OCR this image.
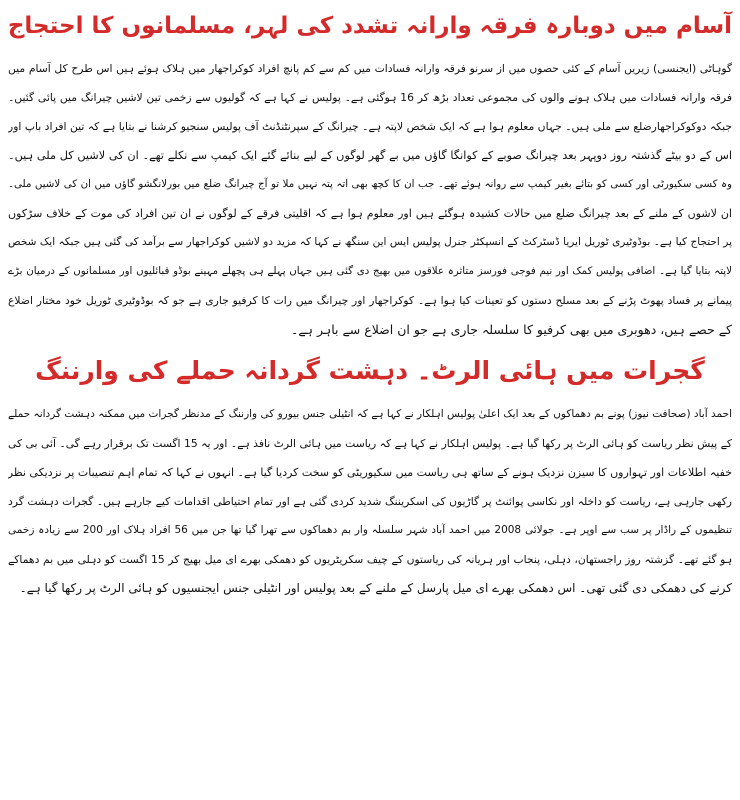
آسام میں دوبارہ فرقہ وارانہ تشدد کی لہر، مسلمانوں کا احتجاج
گوہاٹی (ایجنسی) زیریں آسام کے کئی حصوں میں از سرنو فرقہ وارانہ فسادات میں کم سے کم پانچ افراد کوکراجھار میں ہلاک ہوئے ہیں اس طرح کل آسام میں
فرقہ وارانہ فسادات میں ہلاک ہونے والوں کی مجموعی تعداد بڑھ کر 16 ہوگئی ہے۔ پولیس نے کہا ہے کہ گولیوں سے زخمی تین لاشیں چیرانگ میں پائی گئیں۔
جبکہ دوکوکراجھارضلع سے ملی ہیں۔ جہاں معلوم ہوا ہے کہ ایک شخص لاپتہ ہے۔ چیرانگ کے سپرنٹنڈنٹ آف پولیس سنجیو کرشنا نے بتایا ہے کہ تین افراد باپ اور
اس کے دو بیٹے گذشتہ روز دوپہر بعد چیرانگ صوبے کے کوانگا گاؤں میں بے گھر لوگوں کے لیے بنائے گئے ایک کیمپ سے نکلے تھے۔ ان کی لاشیں کل ملی ہیں۔
وہ کسی سکیورٹی اور کسی کو بتائے بغیر کیمپ سے روانہ ہوئے تھے۔ جب ان کا کچھ بھی اتہ پتہ نہیں ملا تو آج چیرانگ ضلع میں بورلانگشو گاؤں میں ان کی لاشیں ملی۔
ان لاشوں کے ملنے کے بعد چیرانگ ضلع میں حالات کشیدہ ہوگئے ہیں اور معلوم ہوا ہے کہ اقلیتی فرقے کے لوگوں نے ان تین افراد کی موت کے خلاف سڑکوں
پر احتجاج کیا ہے۔ بوڈوٹیری ٹوریل ایریا ڈسٹرکٹ کے انسپکٹر جنرل پولیس ایس این سنگھ نے کہا کہ مزید دو لاشیں کوکراجھار سے برآمد کی گئی ہیں جبکہ ایک شخص
لاپتہ بتایا گیا ہے۔ اضافی پولیس کمک اور نیم فوجی فورسز متاثرہ علاقوں میں بھیج دی گئی ہیں جہاں پہلے ہی پچھلے مہینے بوڈو قبائلیوں اور مسلمانوں کے درمیان بڑے
پیمانے پر فساد پھوٹ پڑنے کے بعد مسلح دستوں کو تعینات کیا ہوا ہے۔ کوکراجھار اور چیرانگ میں رات کا کرفیو جاری ہے جو کہ بوڈوٹیری ٹوریل خود مختار اضلاع
کے حصے ہیں، دھوبری میں بھی کرفیو کا سلسلہ جاری ہے جو ان اضلاع سے باہر ہے۔
گجرات میں ہائی الرٹ۔ دہشت گردانہ حملے کی وارننگ
احمد آباد (صحافت نیوز) پونے بم دھماکوں کے بعد ایک اعلیٰ پولیس اہلکار نے کہا ہے کہ انٹیلی جنس بیورو کی وارننگ کے مدنظر گجرات میں ممکنہ دہشت گردانہ حملے
کے پیش نظر ریاست کو ہائی الرٹ پر رکھا گیا ہے۔ پولیس اہلکار نے کہا ہے کہ ریاست میں ہائی الرٹ نافذ ہے۔ اور یہ 15 اگست تک برقرار رہے گی۔ آئی بی کی
خفیہ اطلاعات اور تہواروں کا سیزن نزدیک ہونے کے ساتھ ہی ریاست میں سکیوریٹی کو سخت کردیا گیا ہے۔ انہوں نے کہا کہ تمام اہم تنصیبات پر نزدیکی نظر
رکھی جارہی ہے، ریاست کو داخلہ اور نکاسی پوائنٹ پر گاڑیوں کی اسکریننگ شدید کردی گئی ہے اور تمام احتیاطی اقدامات کیے جارہے ہیں۔ گجرات دہشت گرد
تنظیموں کے راڈار پر سب سے اوپر ہے۔ جولائی 2008 میں احمد آباد شہر سلسلہ وار بم دھماکوں سے تھرا گیا تھا جن میں 56 افراد ہلاک اور 200 سے زیادہ زخمی
ہو گئے تھے۔ گزشتہ روز راجستھان، دہلی، پنجاب اور ہریانہ کی ریاستوں کے چیف سکریٹریوں کو دھمکی بھرے ای میل بھیج کر 15 اگست کو دہلی میں بم دھماکے
کرنے کی دھمکی دی گئی تھی۔ اس دھمکی بھرے ای میل پارسل کے ملنے کے بعد پولیس اور انٹیلی جنس ایجنسیوں کو ہائی الرٹ پر رکھا گیا ہے۔
